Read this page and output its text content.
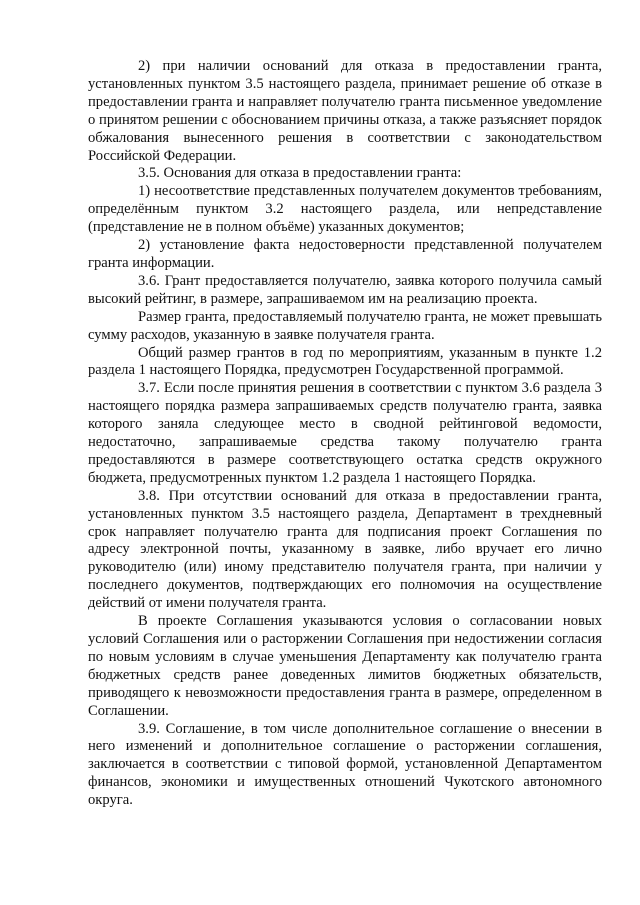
2) при наличии оснований для отказа в предоставлении гранта, установленных пунктом 3.5 настоящего раздела, принимает решение об отказе в предоставлении гранта и направляет получателю гранта письменное уведомление о принятом решении с обоснованием причины отказа, а также разъясняет порядок обжалования вынесенного решения в соответствии с законодательством Российской Федерации.

3.5. Основания для отказа в предоставлении гранта:

1) несоответствие представленных получателем документов требованиям, определённым пунктом 3.2 настоящего раздела, или непредставление (представление не в полном объёме) указанных документов;

2) установление факта недостоверности представленной получателем гранта информации.

3.6. Грант предоставляется получателю, заявка которого получила самый высокий рейтинг, в размере, запрашиваемом им на реализацию проекта.

Размер гранта, предоставляемый получателю гранта, не может превышать сумму расходов, указанную в заявке получателя гранта.

Общий размер грантов в год по мероприятиям, указанным в пункте 1.2 раздела 1 настоящего Порядка, предусмотрен Государственной программой.

3.7. Если после принятия решения в соответствии с пунктом 3.6 раздела 3 настоящего порядка размера запрашиваемых средств получателю гранта, заявка которого заняла следующее место в сводной рейтинговой ведомости, недостаточно, запрашиваемые средства такому получателю гранта предоставляются в размере соответствующего остатка средств окружного бюджета, предусмотренных пунктом 1.2 раздела 1 настоящего Порядка.

3.8. При отсутствии оснований для отказа в предоставлении гранта, установленных пунктом 3.5 настоящего раздела, Департамент в трехдневный срок направляет получателю гранта для подписания проект Соглашения по адресу электронной почты, указанному в заявке, либо вручает его лично руководителю (или) иному представителю получателя гранта, при наличии у последнего документов, подтверждающих его полномочия на осуществление действий от имени получателя гранта.

В проекте Соглашения указываются условия о согласовании новых условий Соглашения или о расторжении Соглашения при недостижении согласия по новым условиям в случае уменьшения Департаменту как получателю гранта бюджетных средств ранее доведенных лимитов бюджетных обязательств, приводящего к невозможности предоставления гранта в размере, определенном в Соглашении.

3.9. Соглашение, в том числе дополнительное соглашение о внесении в него изменений и дополнительное соглашение о расторжении соглашения, заключается в соответствии с типовой формой, установленной Департаментом финансов, экономики и имущественных отношений Чукотского автономного округа.
